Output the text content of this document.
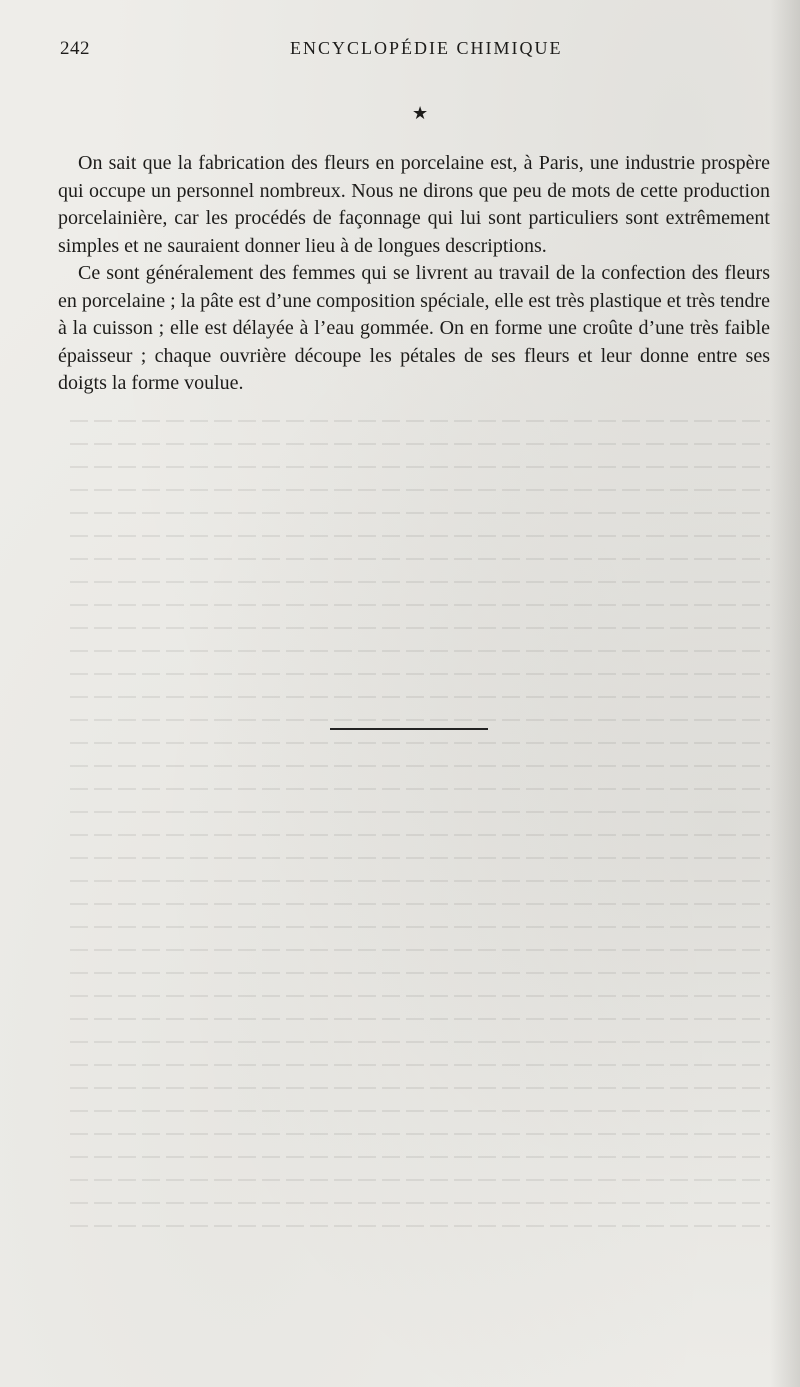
242	ENCYCLOPÉDIE CHIMIQUE
★

On sait que la fabrication des fleurs en porcelaine est, à Paris, une industrie prospère qui occupe un personnel nombreux. Nous ne dirons que peu de mots de cette production porcelainière, car les procédés de façonnage qui lui sont particuliers sont extrêmement simples et ne sauraient donner lieu à de longues descriptions.

Ce sont généralement des femmes qui se livrent au travail de la confection des fleurs en porcelaine ; la pâte est d’une composition spéciale, elle est très plastique et très tendre à la cuisson ; elle est délayée à l’eau gommée. On en forme une croûte d’une très faible épaisseur ; chaque ouvrière découpe les pétales de ses fleurs et leur donne entre ses doigts la forme voulue.
